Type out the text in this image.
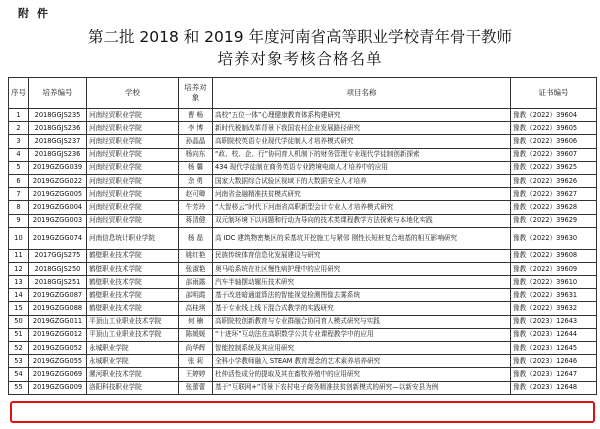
附件
第二批 2018 和 2019 年度河南省高等职业学校青年骨干教师
培养对象考核合格名单
序号	培养编号	学校	培养对象	项目名称	证书编号
1	2018GGJS235	河南经贸职业学院	曹 畅	高校“五位一体”心理健康教育体系构建研究	豫教（2022）39604
2	2018GGJS236	河南经贸职业学院	李 博	新时代税制改革背景下我国农村企业发展路径研究	豫教（2022）39605
3	2018GGJS237	河南经贸职业学院	孙晶晶	高职院校英语专业现代学徒制人才培养模式研究	豫教（2022）39606
4	2018GGJS236	河南经贸职业学院	杨向东	“政、校、企、行”协同育人机制下的财务管理专业现代学徒制创新探索	豫教（2022）39607
5	2019GZGG039	河南经贸职业学院	杨 馨	434 现代学徒制在商务英语专业跨境电商人才培养中的应用	豫教（2022）39625
6	2019GZGG022	河南经贸职业学院	余 勇	国家大数据综合试验区视域下的大数据安全人才培养	豫教（2022）39626
7	2019GZGG005	河南经贸职业学院	赵可卿	河南省金融精准扶贫模式研究	豫教（2022）39627
8	2019GZGG004	河南经贸职业学院	牛芳玲	“大智移云”时代下河南省高职新型会计专业人才培养模式研究	豫教（2022）39628
9	2019GZGG003	河南经贸职业学院	蒋清健	双元制环境下以问题和行动为导向的技术类课程教学方法探索与本地化实践	豫教（2022）39629
10	2019GZGG074	河南信息统计职业学院	杨 磊	高 IDC 建筑物密集区的采基坑开挖施工与紧邻 刚性长短桩复合地基的相互影响研究	豫教（2022）39630
11	2017GGJS275	鹤壁职业技术学院	姚红艳	民族传统体育信息化发展建设与研究	豫教（2022）39608
12	2018GGJS250	鹤壁职业技术学院	张淑艳	奥马哈系统在社区慢性病护理中的应用研究	豫教（2022）39609
13	2018GGJS251	鹤壁职业技术学院	邵雨露	汽车半轴摆动辗压技术研究	豫教（2022）39610
14	2019GZGG087	鹤壁职业技术学院	邵明霞	基于改进暗通道算法的智能视觉检测图像去雾系统	豫教（2022）39631
15	2019GZGG088	鹤壁职业技术学院	高桂琪	基于专业线上线下混合式教学的实践研究	豫教（2022）39632
50	2019GZGG011	平顶山工业职业技术学院	何 楠	高职院校创新教育与专业群融合协同育人模式研究与实践	豫教（2023）12643
51	2019GZGG012	平顶山工业职业技术学院	陈媛媛	“十进环”互动法在高职数学公共专业课程教学中的应用	豫教（2023）12644
52	2019GZGG052	永城职业学院	尚华辉	智能控制系统及其应用研究	豫教（2023）12645
53	2019GZGG055	永城职业学院	张 莉	全科小学教师融入 STEAM 教育理念的艺术素养培养研究	豫教（2023）12646
54	2019GZGG069	漯河职业技术学院	王婷婷	杜仲活性成分的提取及其在畜牧养殖中的应用研究	豫教（2023）12647
55	2019GZGG009	洛阳科技职业学院	张蕾蕾	基于“互联网+”背景下农村电子商务精准扶贫创新模式的研究—以新安县为例	豫教（2023）12648
